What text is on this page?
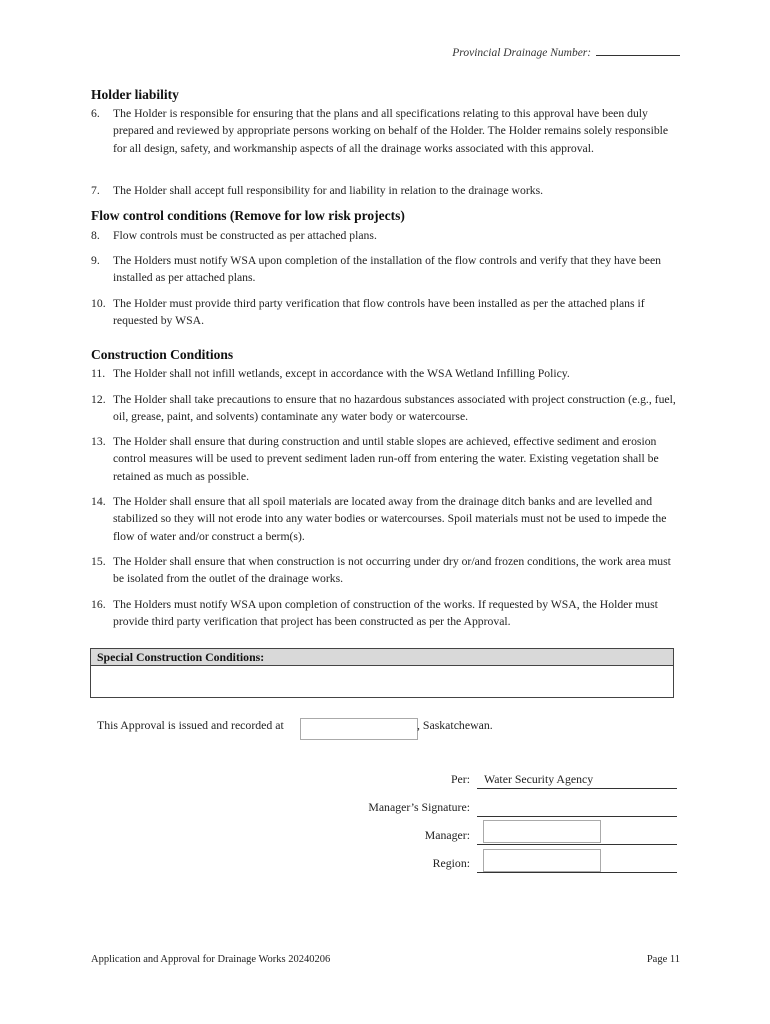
Provincial Drainage Number:
Holder liability
6.	The Holder is responsible for ensuring that the plans and all specifications relating to this approval have been duly prepared and reviewed by appropriate persons working on behalf of the Holder. The Holder remains solely responsible for all design, safety, and workmanship aspects of all the drainage works associated with this approval.
7.	The Holder shall accept full responsibility for and liability in relation to the drainage works.
Flow control conditions (Remove for low risk projects)
8.	Flow controls must be constructed as per attached plans.
9.	The Holders must notify WSA upon completion of the installation of the flow controls and verify that they have been installed as per attached plans.
10. The Holder must provide third party verification that flow controls have been installed as per the attached plans if requested by WSA.
Construction Conditions
11. The Holder shall not infill wetlands, except in accordance with the WSA Wetland Infilling Policy.
12. The Holder shall take precautions to ensure that no hazardous substances associated with project construction (e.g., fuel, oil, grease, paint, and solvents) contaminate any water body or watercourse.
13. The Holder shall ensure that during construction and until stable slopes are achieved, effective sediment and erosion control measures will be used to prevent sediment laden run-off from entering the water. Existing vegetation shall be retained as much as possible.
14. The Holder shall ensure that all spoil materials are located away from the drainage ditch banks and are levelled and stabilized so they will not erode into any water bodies or watercourses. Spoil materials must not be used to impede the flow of water and/or construct a berm(s).
15. The Holder shall ensure that when construction is not occurring under dry or/and frozen conditions, the work area must be isolated from the outlet of the drainage works.
16. The Holders must notify WSA upon completion of construction of the works. If requested by WSA, the Holder must provide third party verification that project has been constructed as per the Approval.
Special Construction Conditions:
This Approval is issued and recorded at	, Saskatchewan.
Per: Water Security Agency
Manager’s Signature:
Manager:
Region:
Application and Approval for Drainage Works 20240206	Page 11
